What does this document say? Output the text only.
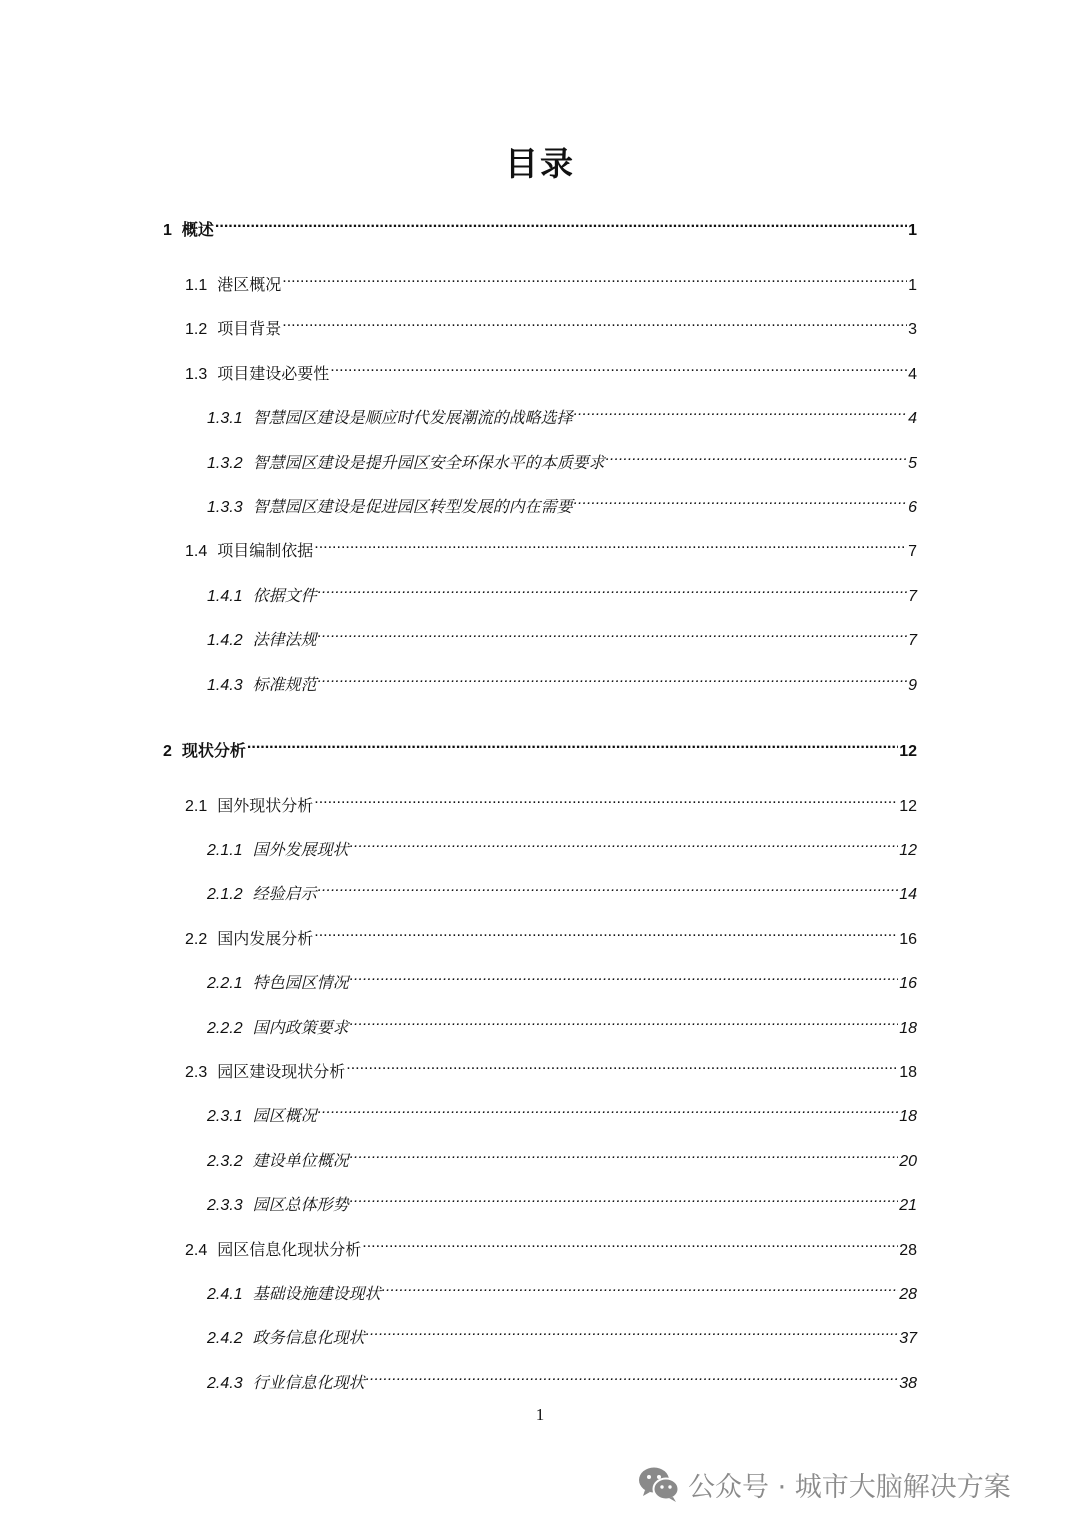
目录
1 概述 .....	1
1.1 港区概况 .....	1
1.2 项目背景 .....	3
1.3 项目建设必要性 .....	4
1.3.1 智慧园区建设是顺应时代发展潮流的战略选择 .....	4
1.3.2 智慧园区建设是提升园区安全环保水平的本质要求 .....	5
1.3.3 智慧园区建设是促进园区转型发展的内在需要 .....	6
1.4 项目编制依据 .....	7
1.4.1 依据文件 .....	7
1.4.2 法律法规 .....	7
1.4.3 标准规范 .....	9
2 现状分析 .....	12
2.1 国外现状分析 .....	12
2.1.1 国外发展现状 .....	12
2.1.2 经验启示 .....	14
2.2 国内发展分析 .....	16
2.2.1 特色园区情况 .....	16
2.2.2 国内政策要求 .....	18
2.3 园区建设现状分析 .....	18
2.3.1 园区概况 .....	18
2.3.2 建设单位概况 .....	20
2.3.3 园区总体形势 .....	21
2.4 园区信息化现状分析 .....	28
2.4.1 基础设施建设现状 .....	28
2.4.2 政务信息化现状 .....	37
2.4.3 行业信息化现状 .....	38
1
公众号 · 城市大脑解决方案
